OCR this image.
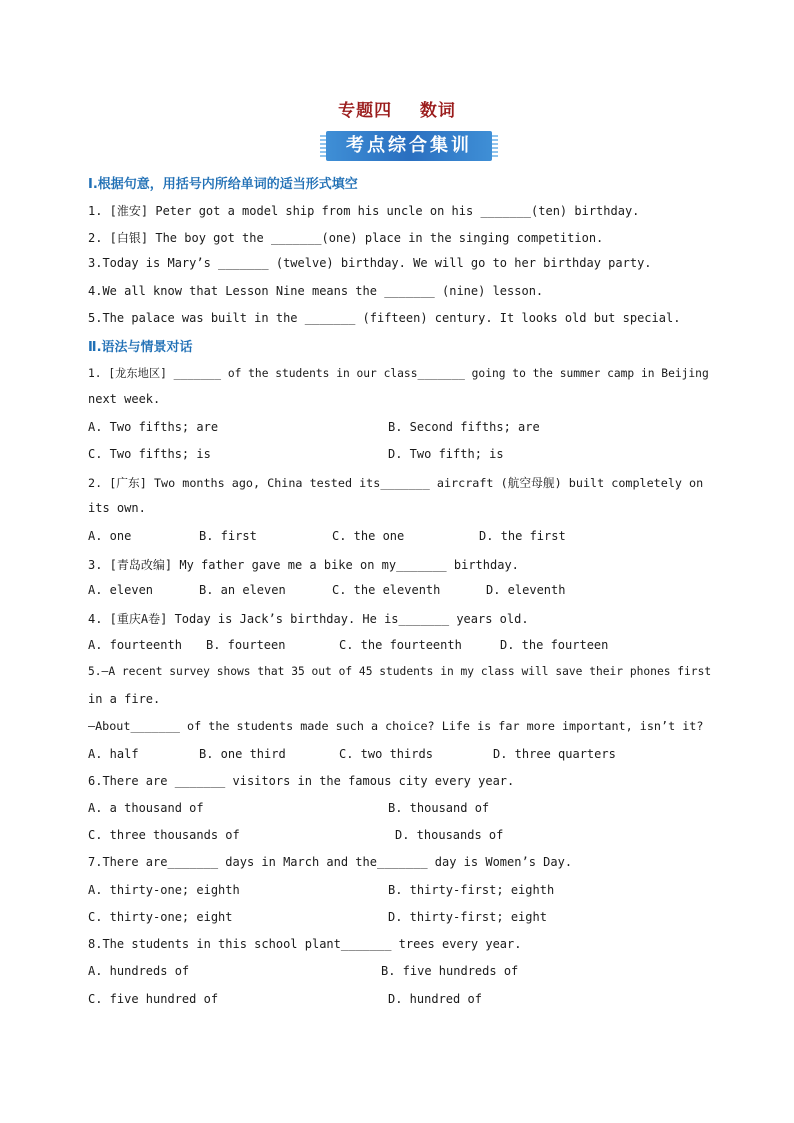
专题四    数词
考点综合集训
Ⅰ.根据句意，用括号内所给单词的适当形式填空
1. [淮安] Peter got a model ship from his uncle on his _______(ten) birthday.
2. [白银] The boy got the _______(one) place in the singing competition.
3.Today is Mary’s _______ (twelve) birthday. We will go to her birthday party.
4.We all know that Lesson Nine means the _______ (nine) lesson.
5.The palace was built in the _______ (fifteen) century. It looks old but special.
Ⅱ.语法与情景对话
1. [龙东地区] _______ of the students in our class_______ going to the summer camp in Beijing
next week.
A. Two fifths; are	B. Second fifths; are
C. Two fifths; is	D. Two fifth; is
2. [广东] Two months ago, China tested its_______ aircraft (航空母舰) built completely on
its own.
A. one	B. first	C. the one	D. the first
3. [青岛改编] My father gave me a bike on my_______ birthday.
A. eleven	B. an eleven	C. the eleventh	D. eleventh
4. [重庆A卷] Today is Jack’s birthday. He is_______ years old.
A. fourteenth B. fourteen	C. the fourteenth	D. the fourteen
5.—A recent survey shows that 35 out of 45 students in my class will save their phones first
in a fire.
—About_______ of the students made such a choice? Life is far more important, isn’t it?
A. half	B. one third	C. two thirds	D. three quarters
6.There are _______ visitors in the famous city every year.
A. a thousand of	B. thousand of
C. three thousands of	D. thousands of
7.There are_______ days in March and the_______ day is Women’s Day.
A. thirty-one; eighth	B. thirty-first; eighth
C. thirty-one; eight	D. thirty-first; eight
8.The students in this school plant_______ trees every year.
A. hundreds of	B. five hundreds of
C. five hundred of	D. hundred of
